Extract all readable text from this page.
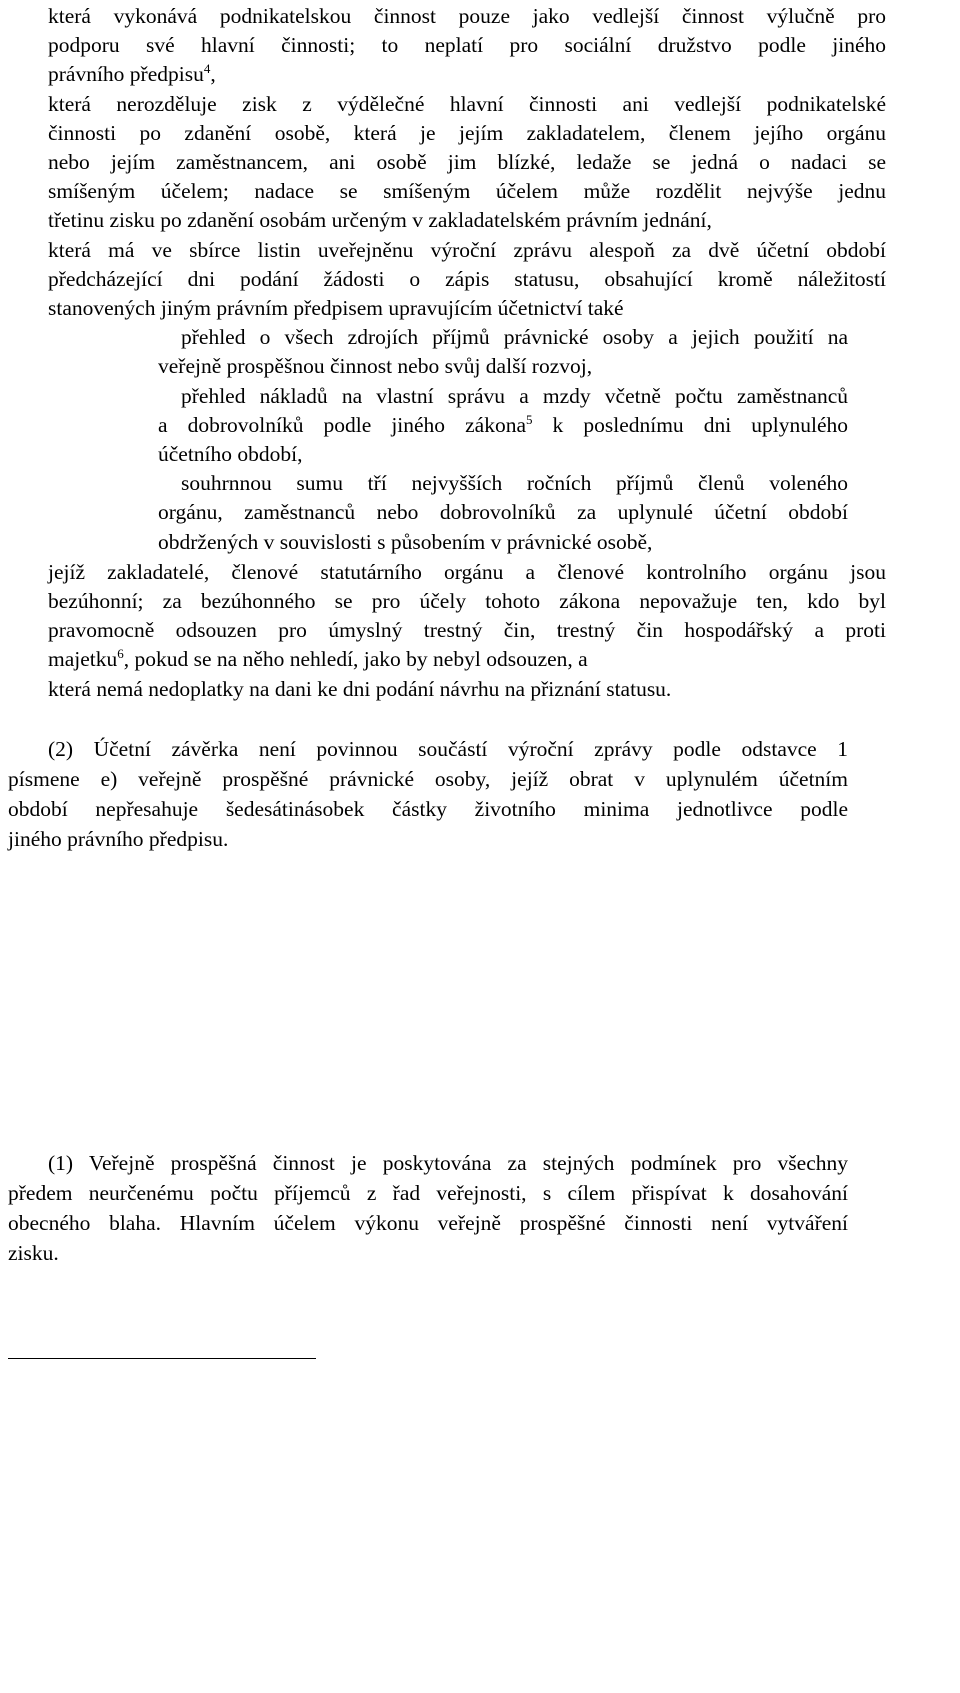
která vykonává podnikatelskou činnost pouze jako vedlejší činnost výlučně pro
podporu své hlavní činnosti; to neplatí pro sociální družstvo podle jiného
právního předpisu$^4$,
která nerozděluje zisk z výdělečné hlavní činnosti ani vedlejší podnikatelské
činnosti po zdanění osobě, která je jejím zakladatelem, členem jejího orgánu
nebo jejím zaměstnancem, ani osobě jim blízké, ledaže se jedná o nadaci se
smíšeným účelem; nadace se smíšeným účelem může rozdělit nejvýše jednu
třetinu zisku po zdanění osobám určeným v zakladatelském právním jednání,
která má ve sbírce listin uveřejněnu výroční zprávu alespoň za dvě účetní období
předcházející dni podání žádosti o zápis statusu, obsahující kromě náležitostí
stanovených jiným právním předpisem upravujícím účetnictví také
přehled o všech zdrojích příjmů právnické osoby a jejich použití na
veřejně prospěšnou činnost nebo svůj další rozvoj,
přehled nákladů na vlastní správu a mzdy včetně počtu zaměstnanců
a dobrovolníků podle jiného zákona$^5$ k poslednímu dni uplynulého
účetního období,
souhrnnou sumu tří nejvyšších ročních příjmů členů voleného
orgánu, zaměstnanců nebo dobrovolníků za uplynulé účetní období
obdržených v souvislosti s působením v právnické osobě,
jejíž zakladatelé, členové statutárního orgánu a členové kontrolního orgánu jsou
bezúhonní; za bezúhonného se pro účely tohoto zákona nepovažuje ten, kdo byl
pravomocně odsouzen pro úmyslný trestný čin, trestný čin hospodářský a proti
majetku$^6$, pokud se na něho nehledí, jako by nebyl odsouzen, a
která nemá nedoplatky na dani ke dni podání návrhu na přiznání statusu.
(2) Účetní závěrka není povinnou součástí výroční zprávy podle odstavce 1
písmene e) veřejně prospěšné právnické osoby, jejíž obrat v uplynulém účetním
období nepřesahuje šedesátinásobek částky životního minima jednotlivce podle
jiného právního předpisu.
(1) Veřejně prospěšná činnost je poskytována za stejných podmínek pro všechny
předem neurčenému počtu příjemců z řad veřejnosti, s cílem přispívat k dosahování
obecného blaha. Hlavním účelem výkonu veřejně prospěšné činnosti není vytváření
zisku.
